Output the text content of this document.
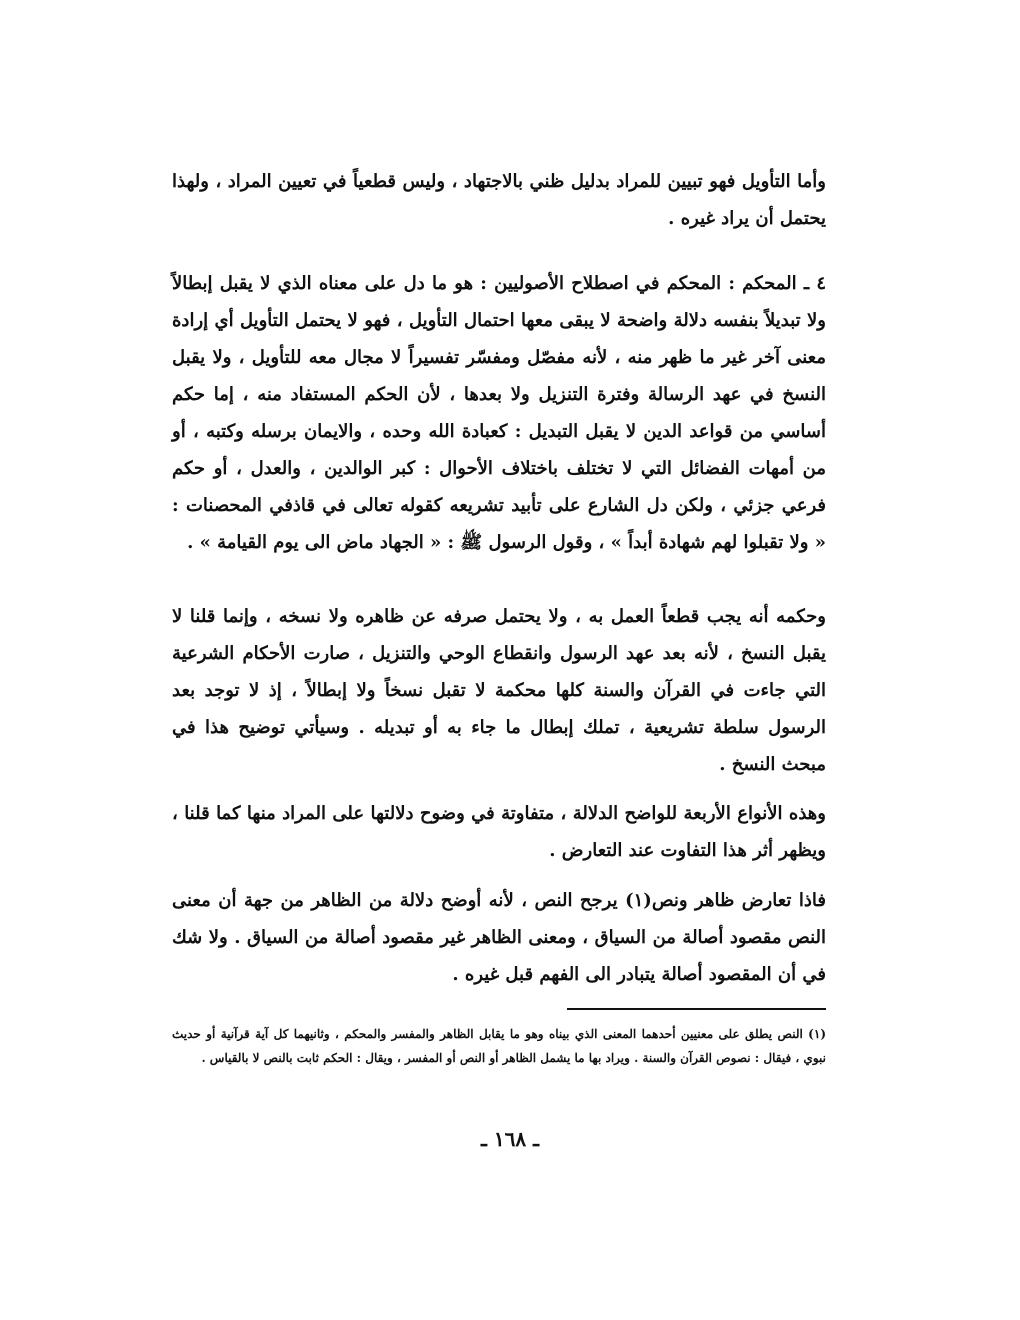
وأما التأويل فهو تبيين للمراد بدليل ظني بالاجتهاد ، وليس قطعياً في تعيين المراد ، ولهذا يحتمل أن يراد غيره .

٤ ـ المحكم : المحكم في اصطلاح الأصوليين : هو ما دل على معناه الذي لا يقبل إبطالاً ولا تبديلاً بنفسه دلالة واضحة لا يبقى معها احتمال التأويل ، فهو لا يحتمل التأويل أي إرادة معنى آخر غير ما ظهر منه ، لأنه مفصّل ومفسّر تفسيراً لا مجال معه للتأويل ، ولا يقبل النسخ في عهد الرسالة وفترة التنزيل ولا بعدها ، لأن الحكم المستفاد منه ، إما حكم أساسي من قواعد الدين لا يقبل التبديل : كعبادة الله وحده ، والايمان برسله وكتبه ، أو من أمهات الفضائل التي لا تختلف باختلاف الأحوال : كبر الوالدين ، والعدل ، أو حكم فرعي جزئي ، ولكن دل الشارع على تأبيد تشريعه كقوله تعالى في قاذفي المحصنات : « ولا تقبلوا لهم شهادة أبداً » ، وقول الرسول ﷺ : « الجهاد ماض الى يوم القيامة » .

وحكمه أنه يجب قطعاً العمل به ، ولا يحتمل صرفه عن ظاهره ولا نسخه ، وإنما قلنا لا يقبل النسخ ، لأنه بعد عهد الرسول وانقطاع الوحي والتنزيل ، صارت الأحكام الشرعية التي جاءت في القرآن والسنة كلها محكمة لا تقبل نسخاً ولا إبطالاً ، إذ لا توجد بعد الرسول سلطة تشريعية ، تملك إبطال ما جاء به أو تبديله . وسيأتي توضيح هذا في مبحث النسخ .

وهذه الأنواع الأربعة للواضح الدلالة ، متفاوتة في وضوح دلالتها على المراد منها كما قلنا ، ويظهر أثر هذا التفاوت عند التعارض .

فاذا تعارض ظاهر ونص(١) يرجح النص ، لأنه أوضح دلالة من الظاهر من جهة أن معنى النص مقصود أصالة من السياق ، ومعنى الظاهر غير مقصود أصالة من السياق . ولا شك في أن المقصود أصالة يتبادر الى الفهم قبل غيره .

(١) النص يطلق على معنيين أحدهما المعنى الذي بيناه وهو ما يقابل الظاهر والمفسر والمحكم ، وثانيهما كل آية قرآنية أو حديث نبوي ، فيقال : نصوص القرآن والسنة . ويراد بها ما يشمل الظاهر أو النص أو المفسر ، ويقال : الحكم ثابت بالنص لا بالقياس .

ـ ١٦٨ ـ
